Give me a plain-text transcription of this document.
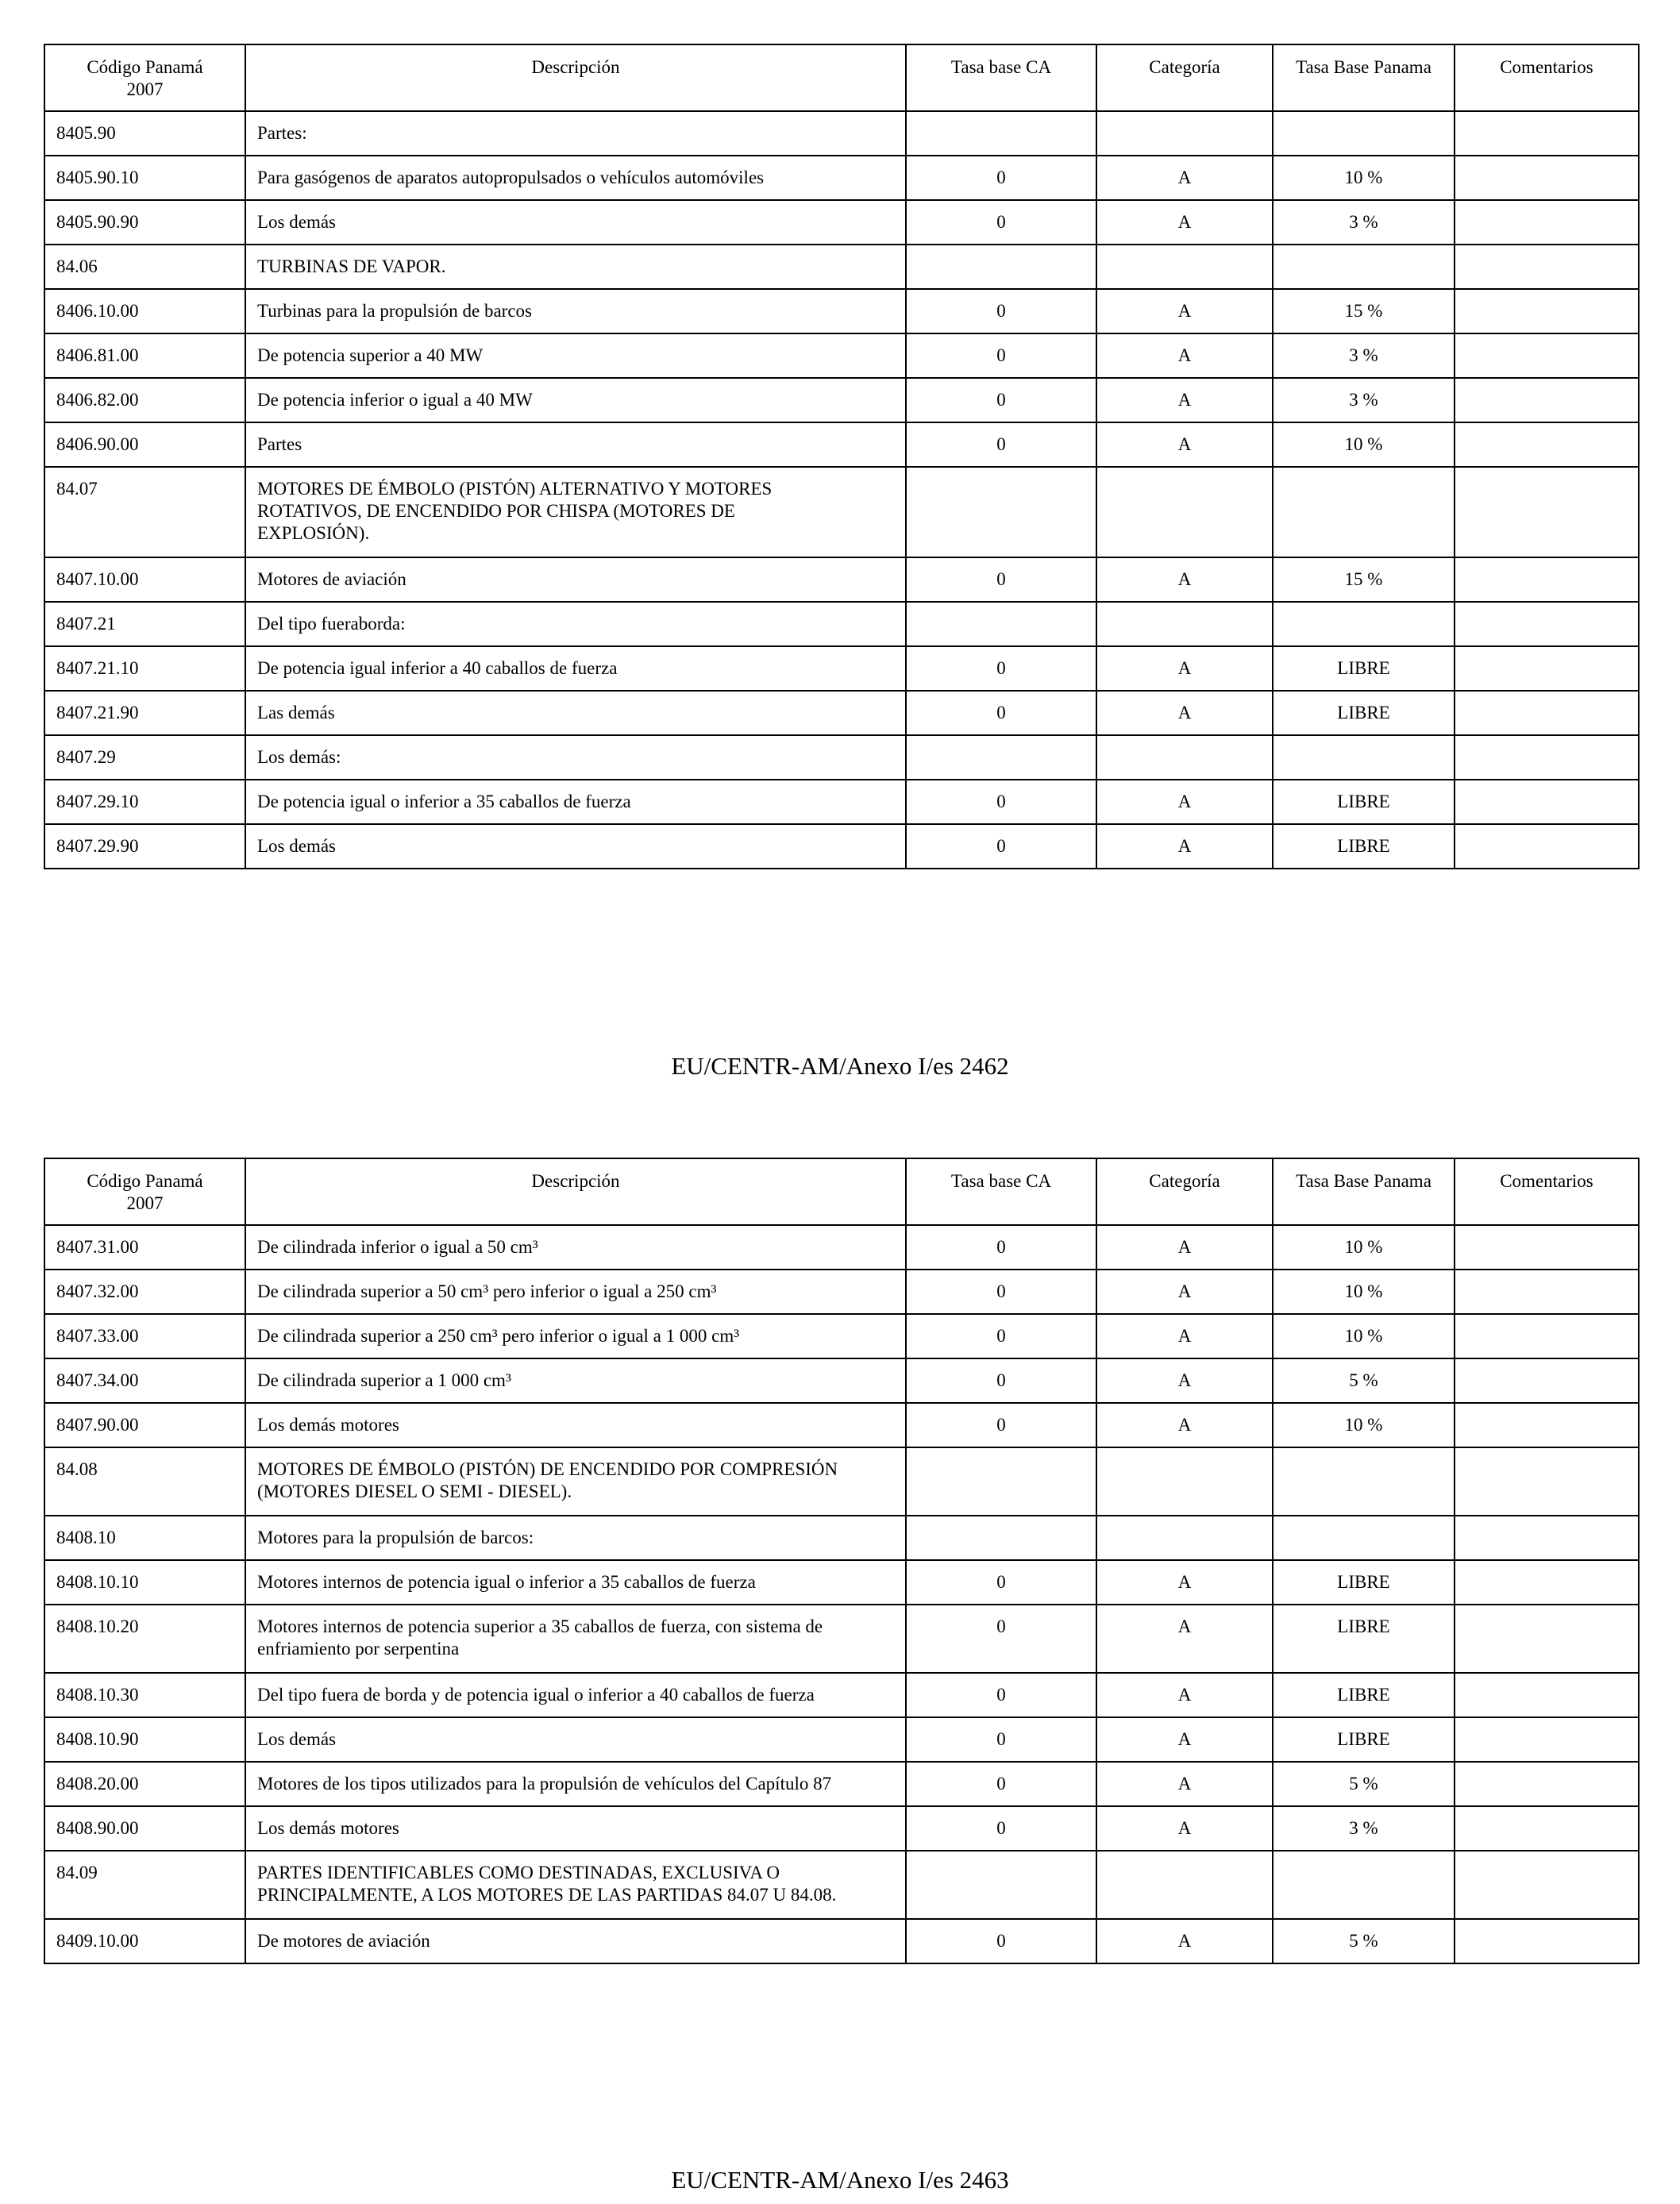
Código Panamá
2007	Descripción	Tasa base CA	Categoría	Tasa Base Panama	Comentarios
8405.90	Partes:				
8405.90.10	Para gasógenos de aparatos autopropulsados o vehículos automóviles	0	A	10 %	
8405.90.90	Los demás	0	A	3 %	
84.06	TURBINAS DE VAPOR.				
8406.10.00	Turbinas para la propulsión de barcos	0	A	15 %	
8406.81.00	De potencia superior a 40 MW	0	A	3 %	
8406.82.00	De potencia inferior o igual a 40 MW	0	A	3 %	
8406.90.00	Partes	0	A	10 %	
84.07	MOTORES DE ÉMBOLO (PISTÓN) ALTERNATIVO Y MOTORES
ROTATIVOS, DE ENCENDIDO POR CHISPA (MOTORES DE
EXPLOSIÓN).				
8407.10.00	Motores de aviación	0	A	15 %	
8407.21	Del tipo fueraborda:				
8407.21.10	De potencia igual inferior a 40 caballos de fuerza	0	A	LIBRE	
8407.21.90	Las demás	0	A	LIBRE	
8407.29	Los demás:				
8407.29.10	De potencia igual o inferior a 35 caballos de fuerza	0	A	LIBRE	
8407.29.90	Los demás	0	A	LIBRE	
EU/CENTR-AM/Anexo I/es 2462
Código Panamá
2007	Descripción	Tasa base CA	Categoría	Tasa Base Panama	Comentarios
8407.31.00	De cilindrada inferior o igual a 50 cm³	0	A	10 %	
8407.32.00	De cilindrada superior a 50 cm³ pero inferior o igual a 250 cm³	0	A	10 %	
8407.33.00	De cilindrada superior a 250 cm³ pero inferior o igual a 1 000 cm³	0	A	10 %	
8407.34.00	De cilindrada superior a 1 000 cm³	0	A	5 %	
8407.90.00	Los demás motores	0	A	10 %	
84.08	MOTORES DE ÉMBOLO (PISTÓN) DE ENCENDIDO POR COMPRESIÓN
(MOTORES DIESEL O SEMI - DIESEL).				
8408.10	Motores para la propulsión de barcos:				
8408.10.10	Motores internos de potencia igual o inferior a 35 caballos de fuerza	0	A	LIBRE	
8408.10.20	Motores internos de potencia superior a 35 caballos de fuerza, con sistema de
enfriamiento por serpentina	0	A	LIBRE	
8408.10.30	Del tipo fuera de borda y de potencia igual o inferior a 40 caballos de fuerza	0	A	LIBRE	
8408.10.90	Los demás	0	A	LIBRE	
8408.20.00	Motores de los tipos utilizados para la propulsión de vehículos del Capítulo 87	0	A	5 %	
8408.90.00	Los demás motores	0	A	3 %	
84.09	PARTES IDENTIFICABLES COMO DESTINADAS, EXCLUSIVA O
PRINCIPALMENTE, A LOS MOTORES DE LAS PARTIDAS 84.07 U 84.08.				
8409.10.00	De motores de aviación	0	A	5 %	
EU/CENTR-AM/Anexo I/es 2463
